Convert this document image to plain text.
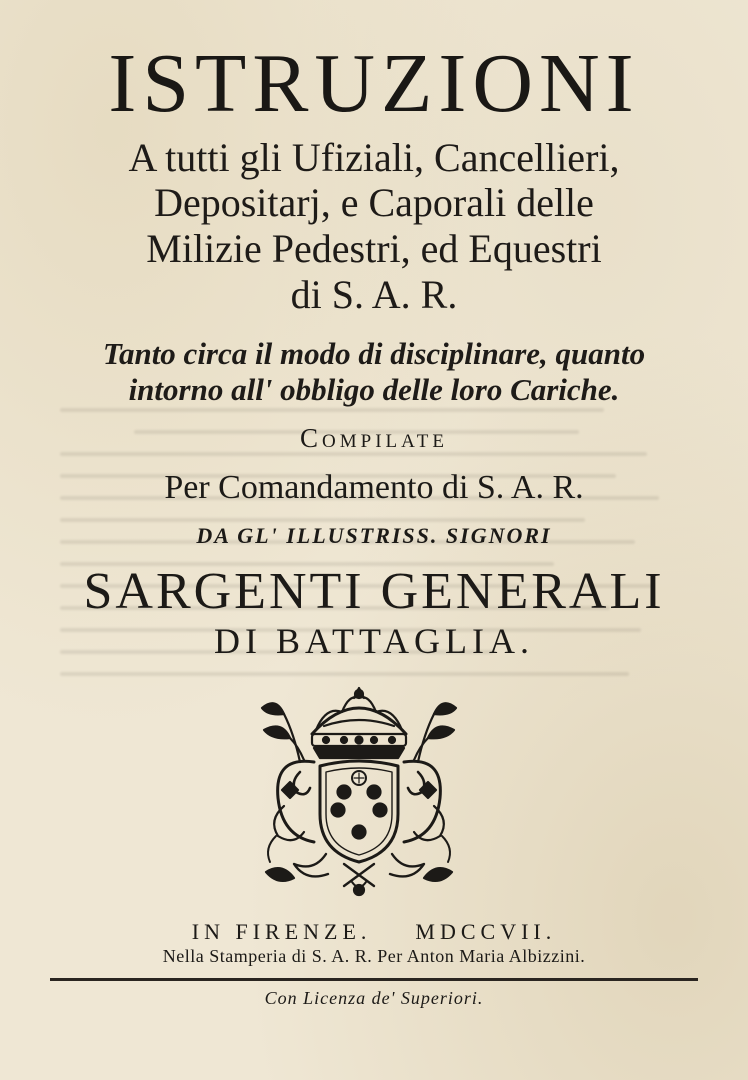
ISTRUZIONI
A tutti gli Ufiziali, Cancellieri,
Depositarj, e Caporali delle
Milizie Pedestri, ed Equestri
di S. A. R.
Tanto circa il modo di disciplinare, quanto
intorno all' obbligo delle loro Cariche.
Compilate
Per Comandamento di S. A. R.
DA GL' ILLUSTRISS. SIGNORI
SARGENTI GENERALI
DI BATTAGLIA.
IN FIRENZE. MDCCVII.
Nella Stamperia di S. A. R. Per Anton Maria Albizzini.
Con Licenza de' Superiori.
